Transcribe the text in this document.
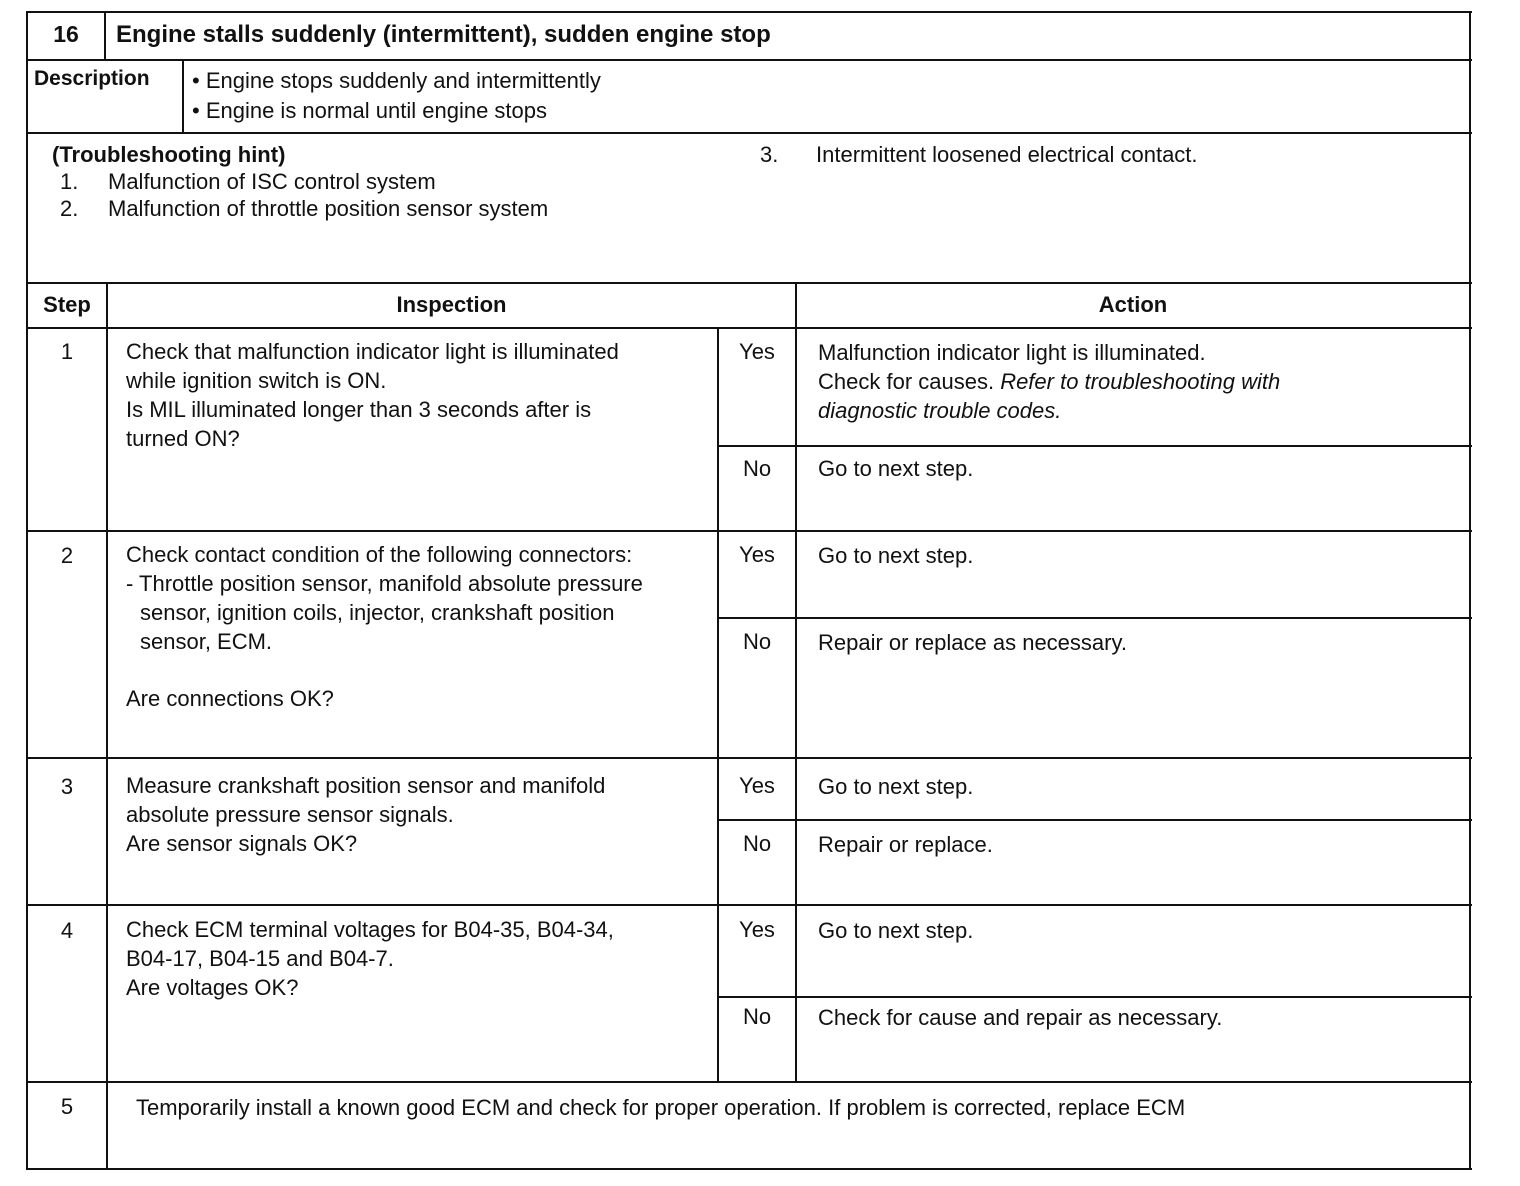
16	Engine stalls suddenly (intermittent), sudden engine stop
Description • Engine stops suddenly and intermittently
• Engine is normal until engine stops
(Troubleshooting hint)
1. Malfunction of ISC control system
2. Malfunction of throttle position sensor system
3. Intermittent loosened electrical contact.
Step	Inspection	Action
1	Check that malfunction indicator light is illuminated
while ignition switch is ON.
Is MIL illuminated longer than 3 seconds after is
turned ON?
Yes	Malfunction indicator light is illuminated.
Check for causes. Refer to troubleshooting with
diagnostic trouble codes.
No	Go to next step.
2	Check contact condition of the following connectors:
- Throttle position sensor, manifold absolute pressure
sensor, ignition coils, injector, crankshaft position
sensor, ECM.
Are connections OK?
Yes	Go to next step.
No	Repair or replace as necessary.
3	Measure crankshaft position sensor and manifold
absolute pressure sensor signals.
Are sensor signals OK?
Yes	Go to next step.
No	Repair or replace.
4	Check ECM terminal voltages for B04-35, B04-34,
B04-17, B04-15 and B04-7.
Are voltages OK?
Yes	Go to next step.
No	Check for cause and repair as necessary.
5	Temporarily install a known good ECM and check for proper operation. If problem is corrected, replace ECM
